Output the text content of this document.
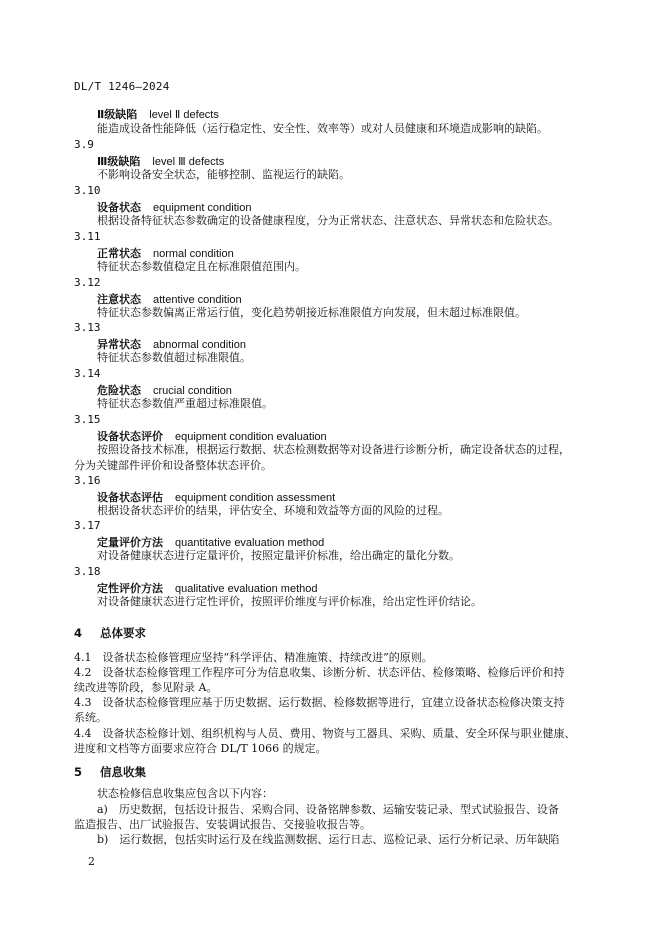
DL/T 1246—2024
Ⅱ级缺陷 level Ⅱ defects
能造成设备性能降低（运行稳定性、安全性、效率等）或对人员健康和环境造成影响的缺陷。
3.9
Ⅲ级缺陷 level Ⅲ defects
不影响设备安全状态，能够控制、监视运行的缺陷。
3.10
设备状态 equipment condition
根据设备特征状态参数确定的设备健康程度，分为正常状态、注意状态、异常状态和危险状态。
3.11
正常状态 normal condition
特征状态参数值稳定且在标准限值范围内。
3.12
注意状态 attentive condition
特征状态参数偏离正常运行值，变化趋势朝接近标准限值方向发展，但未超过标准限值。
3.13
异常状态 abnormal condition
特征状态参数值超过标准限值。
3.14
危险状态 crucial condition
特征状态参数值严重超过标准限值。
3.15
设备状态评价 equipment condition evaluation
按照设备技术标准，根据运行数据、状态检测数据等对设备进行诊断分析，确定设备状态的过程，
分为关键部件评价和设备整体状态评价。
3.16
设备状态评估 equipment condition assessment
根据设备状态评价的结果，评估安全、环境和效益等方面的风险的过程。
3.17
定量评价方法 quantitative evaluation method
对设备健康状态进行定量评价，按照定量评价标准，给出确定的量化分数。
3.18
定性评价方法 qualitative evaluation method
对设备健康状态进行定性评价，按照评价维度与评价标准，给出定性评价结论。
4 总体要求
4.1　设备状态检修管理应坚持“科学评估、精准施策、持续改进”的原则。
4.2　设备状态检修管理工作程序可分为信息收集、诊断分析、状态评估、检修策略、检修后评价和持
续改进等阶段，参见附录 A。
4.3　设备状态检修管理应基于历史数据、运行数据、检修数据等进行，宜建立设备状态检修决策支持
系统。
4.4　设备状态检修计划、组织机构与人员、费用、物资与工器具、采购、质量、安全环保与职业健康、
进度和文档等方面要求应符合 DL/T 1066 的规定。
5 信息收集
状态检修信息收集应包含以下内容：
a)　历史数据，包括设计报告、采购合同、设备铭牌参数、运输安装记录、型式试验报告、设备
监造报告、出厂试验报告、安装调试报告、交接验收报告等。
b)　运行数据，包括实时运行及在线监测数据、运行日志、巡检记录、运行分析记录、历年缺陷
2
